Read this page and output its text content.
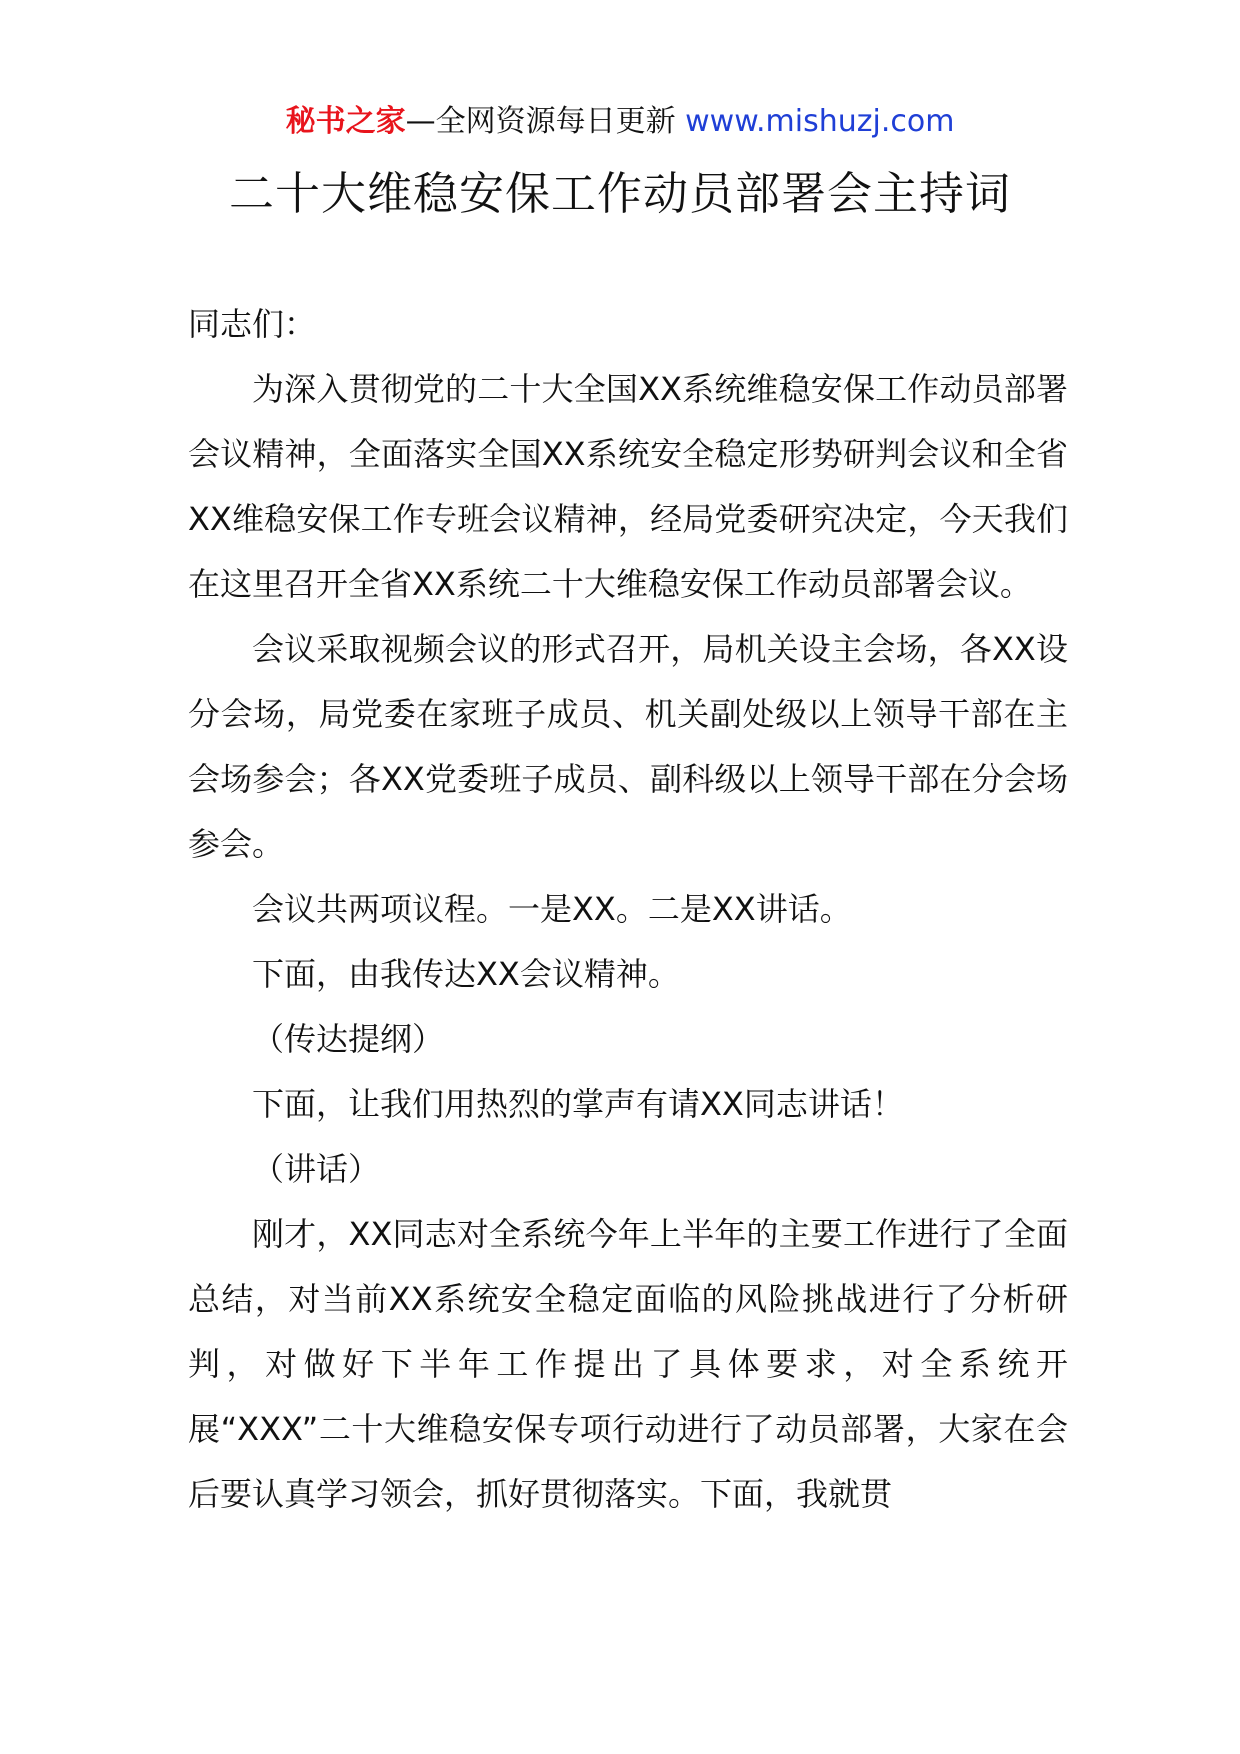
秘书之家—全网资源每日更新 www.mishuzj.com
二十大维稳安保工作动员部署会主持词

同志们：

为深入贯彻党的二十大全国XX系统维稳安保工作动员部署会议精神，全面落实全国XX系统安全稳定形势研判会议和全省XX维稳安保工作专班会议精神，经局党委研究决定，今天我们在这里召开全省XX系统二十大维稳安保工作动员部署会议。

会议采取视频会议的形式召开，局机关设主会场，各XX设分会场，局党委在家班子成员、机关副处级以上领导干部在主会场参会；各XX党委班子成员、副科级以上领导干部在分会场参会。

会议共两项议程。一是XX。二是XX讲话。

下面，由我传达XX会议精神。

（传达提纲）

下面，让我们用热烈的掌声有请XX同志讲话！

（讲话）

刚才，XX同志对全系统今年上半年的主要工作进行了全面总结，对当前XX系统安全稳定面临的风险挑战进行了分析研判，对做好下半年工作提出了具体要求，对全系统开展“XXX”二十大维稳安保专项行动进行了动员部署，大家在会后要认真学习领会，抓好贯彻落实。下面，我就贯
